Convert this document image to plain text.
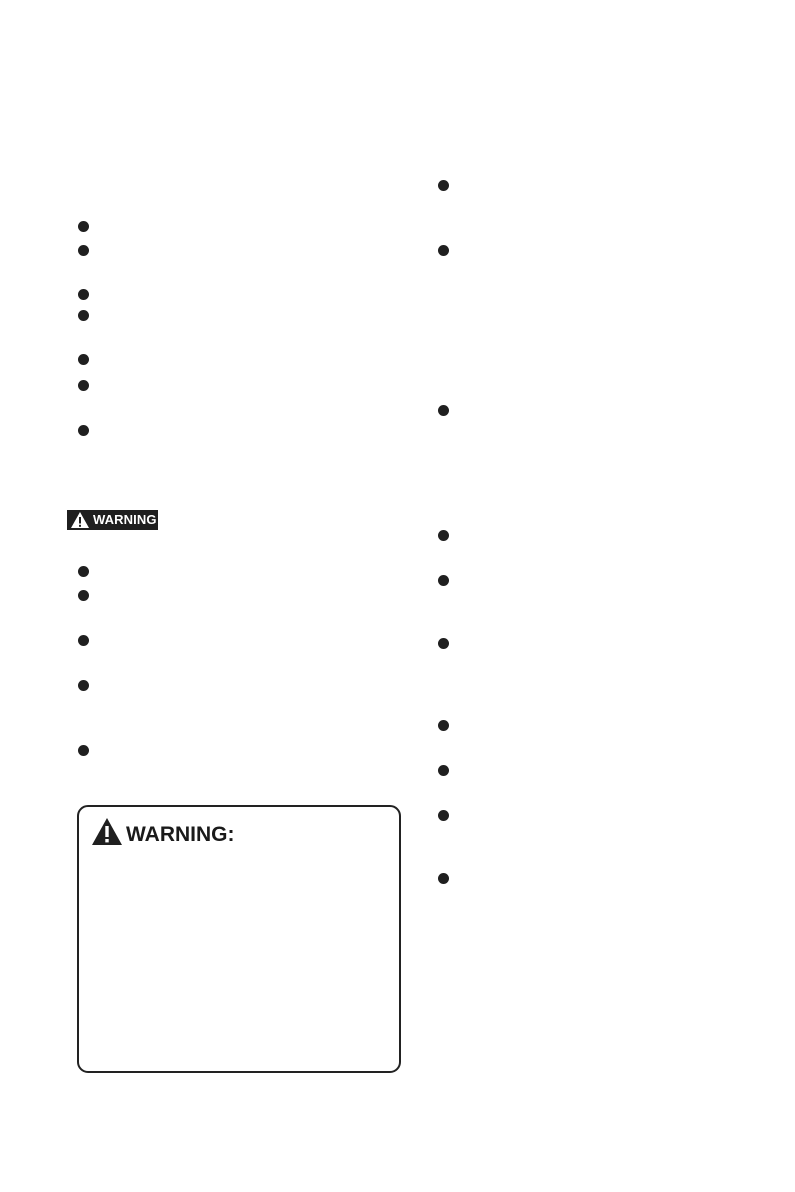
WARNING
WARNING:
